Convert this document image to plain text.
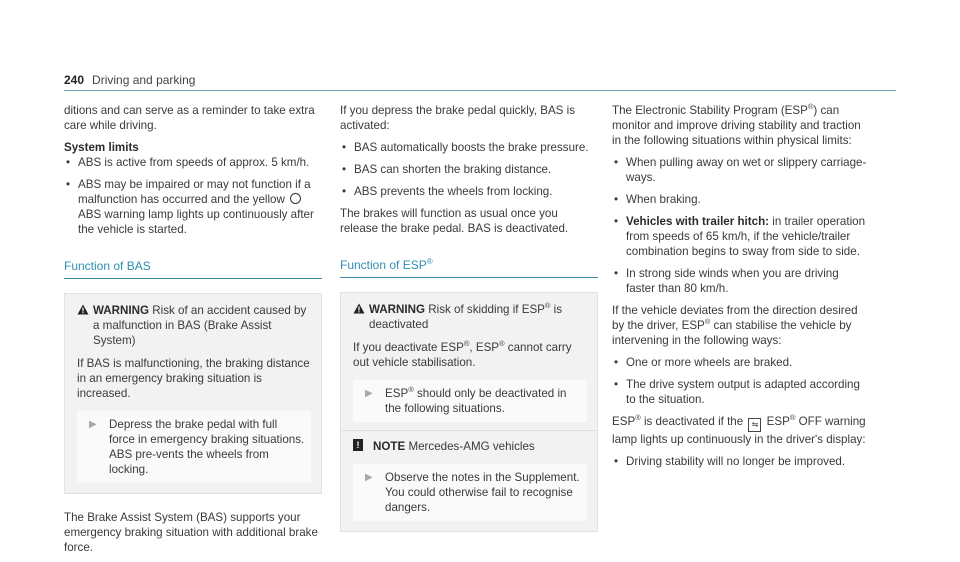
240 Driving and parking

ditions and can serve as a reminder to take extra care while driving.

System limits
• ABS is active from speeds of approx. 5 km/h.
• ABS may be impaired or may not function if a malfunction has occurred and the yellow  ABS warning lamp lights up continuously after the vehicle is started.
Function of BAS
WARNING Risk of an accident caused by a malfunction in BAS (Brake Assist System)
If BAS is malfunctioning, the braking distance in an emergency braking situation is increased.
▶	Depress the brake pedal with full force in emergency braking situations. ABS pre-vents the wheels from locking.

The Brake Assist System (BAS) supports your emergency braking situation with additional brake force.

If you depress the brake pedal quickly, BAS is activated:

• BAS automatically boosts the brake pressure.
• BAS can shorten the braking distance.
• ABS prevents the wheels from locking.

The brakes will function as usual once you release the brake pedal. BAS is deactivated.

Function of ESP®
WARNING Risk of skidding if ESP® is deactivated
If you deactivate ESP®, ESP® cannot carry out vehicle stabilisation.
▶	ESP® should only be deactivated in the following situations.
!	NOTE Mercedes-AMG vehicles
▶	Observe the notes in the Supplement. You could otherwise fail to recognise dangers.

The Electronic Stability Program (ESP®) can monitor and improve driving stability and traction in the following situations within physical limits:

• When pulling away on wet or slippery carriage-ways.
• When braking.
• Vehicles with trailer hitch: in trailer operation from speeds of 65 km/h, if the vehicle/trailer combination begins to sway from side to side.
• In strong side winds when you are driving faster than 80 km/h.

If the vehicle deviates from the direction desired by the driver, ESP® can stabilise the vehicle by intervening in the following ways:

• One or more wheels are braked.
• The drive system output is adapted according to the situation.

ESP® is deactivated if the ⇋ ESP® OFF warning lamp lights up continuously in the driver's display:

• Driving stability will no longer be improved.
